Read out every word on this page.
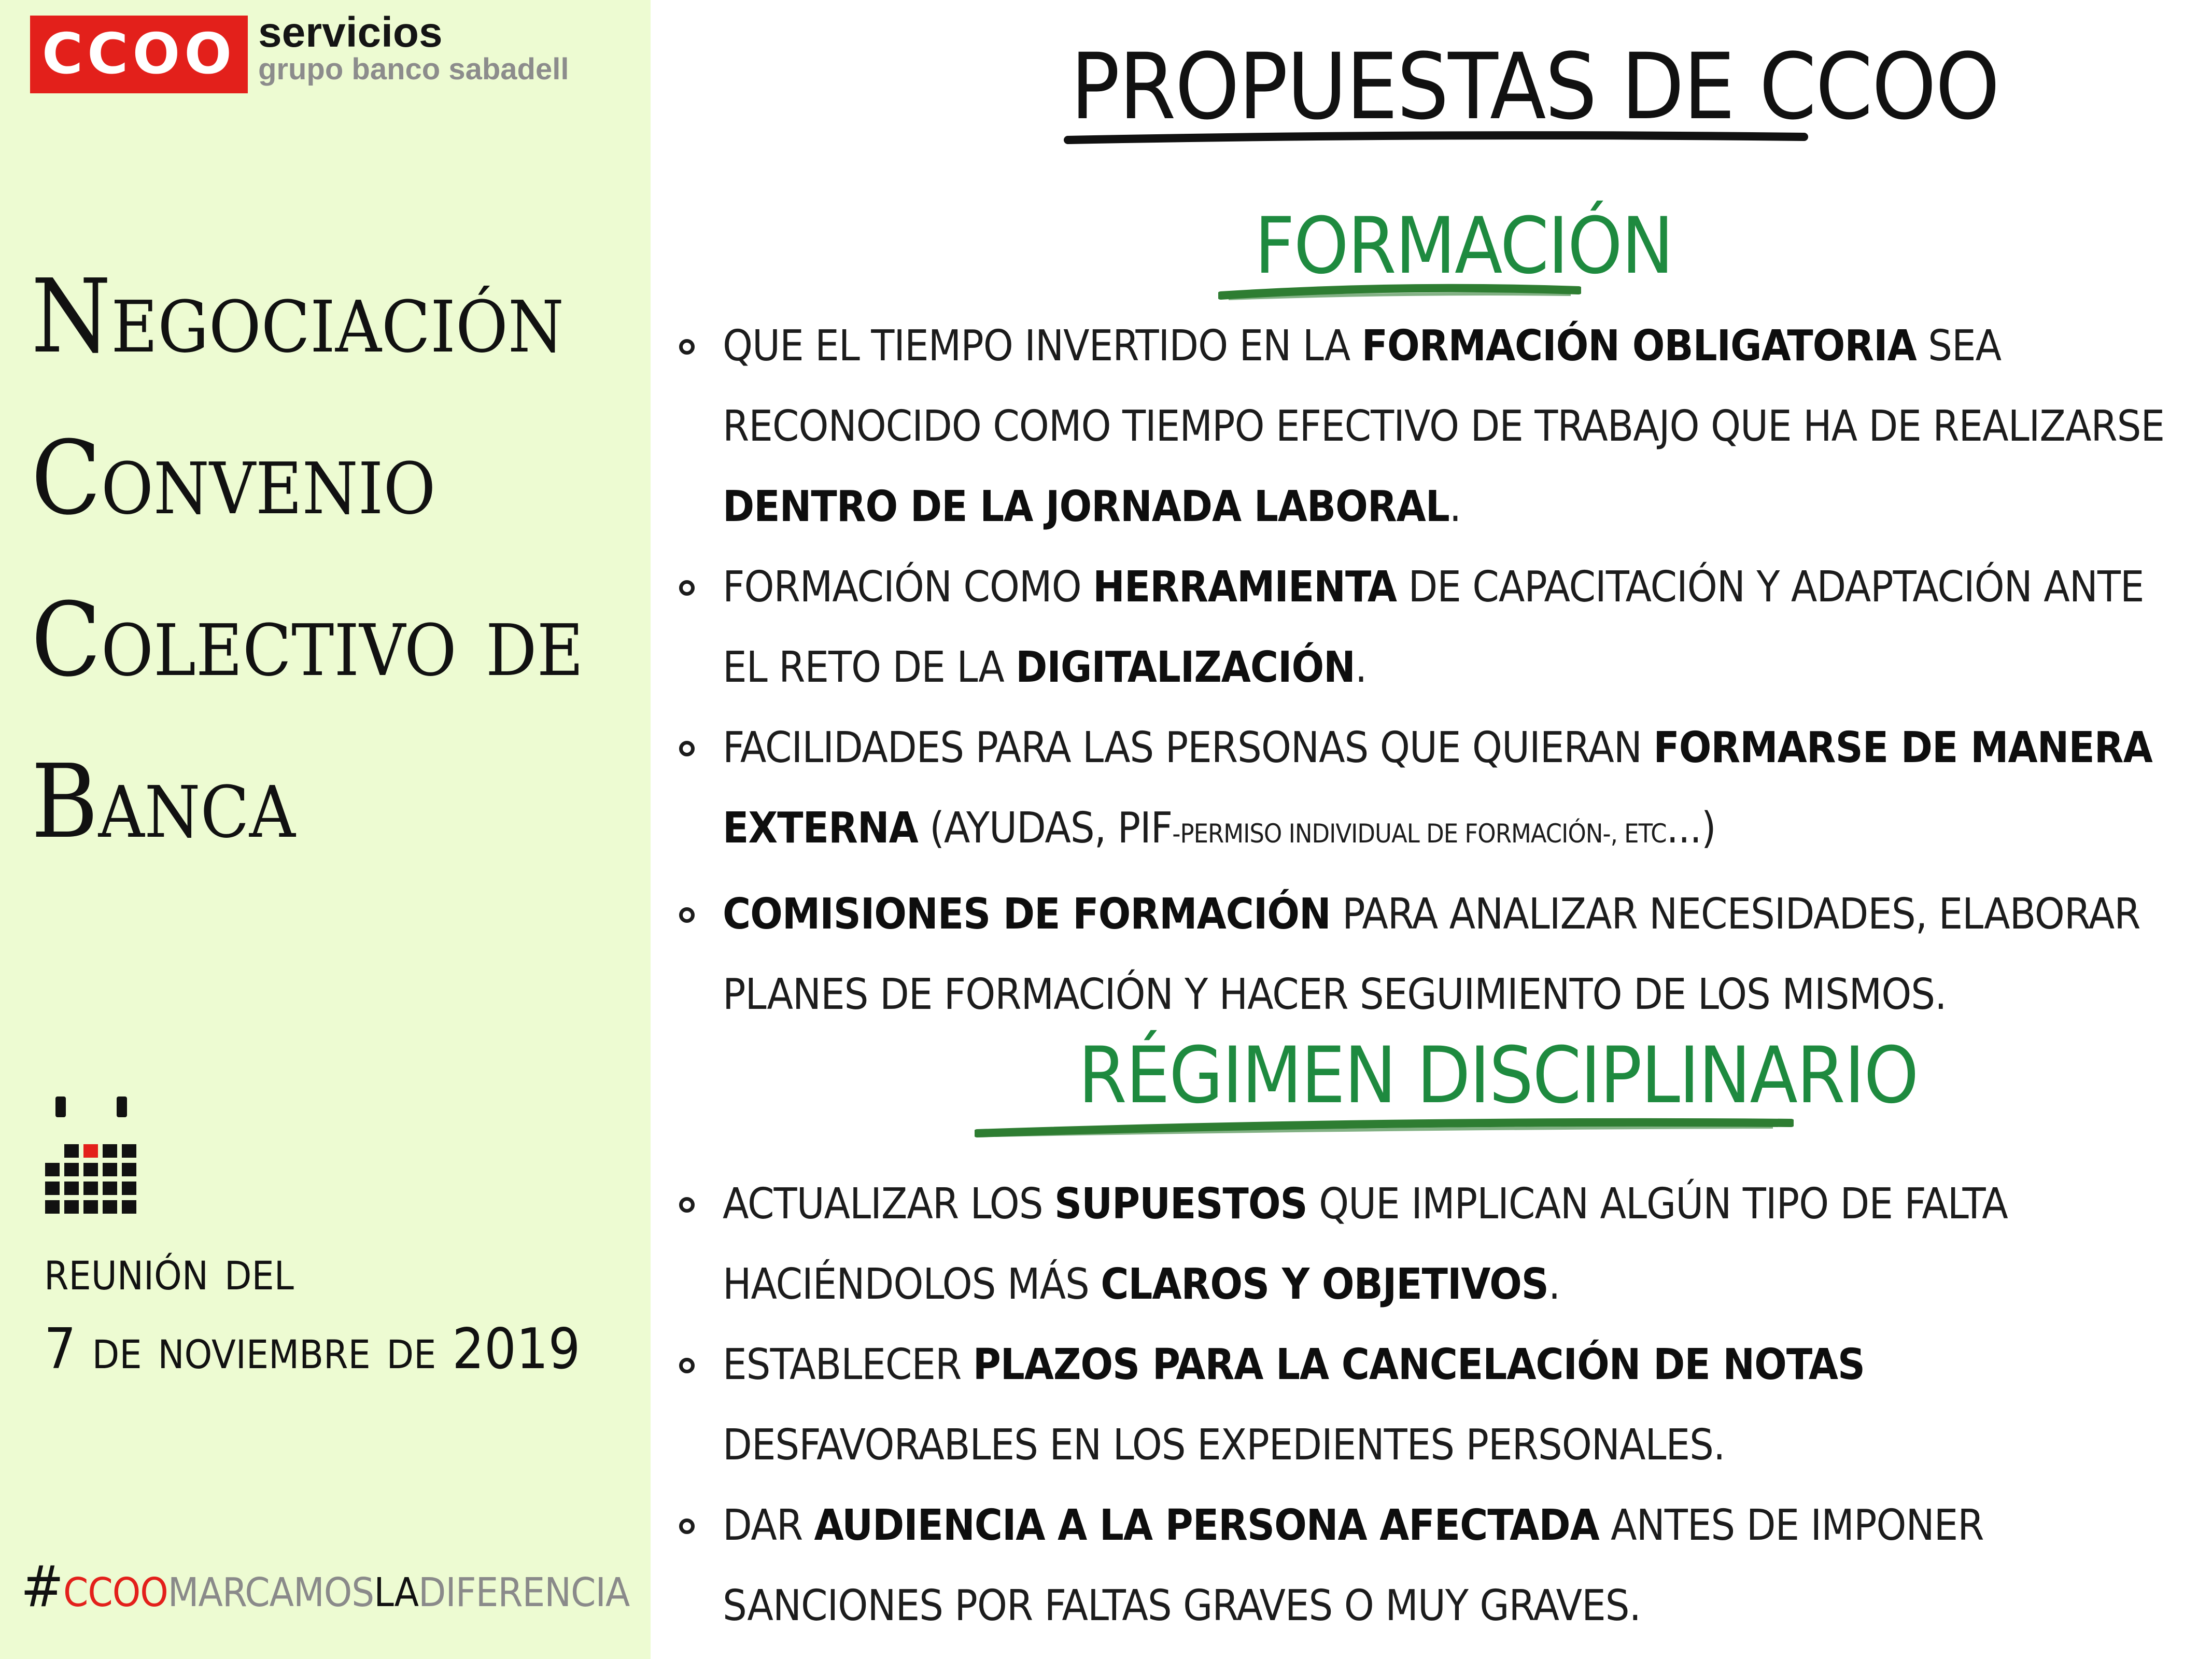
CCOO servicios
grupo banco sabadell
Negociación
Convenio
Colectivo de
Banca
reunión del
7 de noviembre de 2019
#ccoomarcamosladiferencia
PROPUESTAS DE CCOO
FORMACIÓN
QUE EL TIEMPO INVERTIDO EN LA FORMACIÓN OBLIGATORIA SEA RECONOCIDO COMO TIEMPO EFECTIVO DE TRABAJO QUE HA DE REALIZARSE DENTRO DE LA JORNADA LABORAL.
FORMACIÓN COMO HERRAMIENTA DE CAPACITACIÓN Y ADAPTACIÓN ANTE EL RETO DE LA DIGITALIZACIÓN.
FACILIDADES PARA LAS PERSONAS QUE QUIERAN FORMARSE DE MANERA EXTERNA (AYUDAS, PIF-PERMISO INDIVIDUAL DE FORMACIÓN-, ETC...)
COMISIONES DE FORMACIÓN PARA ANALIZAR NECESIDADES, ELABORAR PLANES DE FORMACIÓN Y HACER SEGUIMIENTO DE LOS MISMOS.
RÉGIMEN DISCIPLINARIO
ACTUALIZAR LOS SUPUESTOS QUE IMPLICAN ALGÚN TIPO DE FALTA HACIÉNDOLOS MÁS CLAROS Y OBJETIVOS.
ESTABLECER PLAZOS PARA LA CANCELACIÓN DE NOTAS DESFAVORABLES EN LOS EXPEDIENTES PERSONALES.
DAR AUDIENCIA A LA PERSONA AFECTADA ANTES DE IMPONER SANCIONES POR FALTAS GRAVES O MUY GRAVES.
